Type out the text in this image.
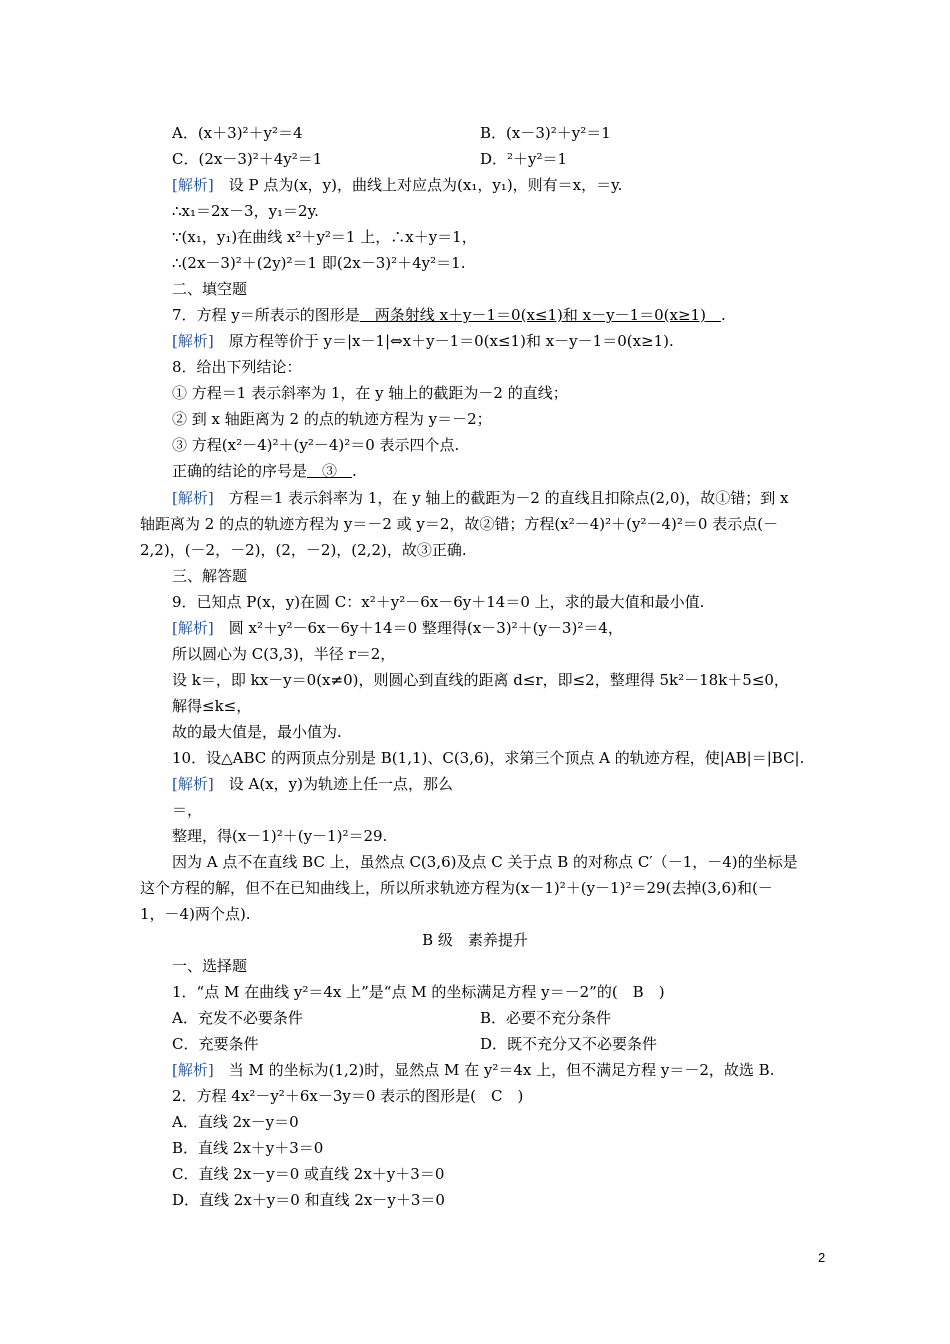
A．(x＋3)²＋y²＝4	B．(x－3)²＋y²＝1
C．(2x－3)²＋4y²＝1	D．²＋y²＝1
[解析]　 设 P 点为(x，y)，曲线上对应点为(x₁，y₁)，则有＝x，＝y.
∴x₁＝2x－3，y₁＝2y.
∵(x₁，y₁)在曲线 x²＋y²＝1 上，∴x＋y＝1，
∴(2x－3)²＋(2y)²＝1 即(2x－3)²＋4y²＝1.
二、填空题
7．方程 y＝所表示的图形是　两条射线 x＋y－1＝0(x≤1)和 x－y－1＝0(x≥1)　.
[解析]　 原方程等价于 y＝|x－1|⇔x＋y－1＝0(x≤1)和 x－y－1＝0(x≥1).
8．给出下列结论：
① 方程＝1 表示斜率为 1，在 y 轴上的截距为－2 的直线；
② 到 x 轴距离为 2 的点的轨迹方程为 y＝－2；
③ 方程(x²－4)²＋(y²－4)²＝0 表示四个点.
正确的结论的序号是　③　.
[解析]　 方程＝1 表示斜率为 1，在 y 轴上的截距为－2 的直线且扣除点(2,0)，故①错；到 x
轴距离为 2 的点的轨迹方程为 y＝－2 或 y＝2，故②错；方程(x²－4)²＋(y²－4)²＝0 表示点(－
2,2)，(－2，－2)，(2，－2)，(2,2)，故③正确.
三、解答题
9．已知点 P(x，y)在圆 C：x²＋y²－6x－6y＋14＝0 上，求的最大值和最小值.
[解析]　 圆 x²＋y²－6x－6y＋14＝0 整理得(x－3)²＋(y－3)²＝4，
所以圆心为 C(3,3)，半径 r＝2，
设 k＝，即 kx－y＝0(x≠0)，则圆心到直线的距离 d≤r，即≤2，整理得 5k²－18k＋5≤0，
解得≤k≤，
故的最大值是，最小值为.
10．设△ABC 的两顶点分别是 B(1,1)、C(3,6)，求第三个顶点 A 的轨迹方程，使|AB|＝|BC|.
[解析]　 设 A(x，y)为轨迹上任一点，那么
＝，
整理，得(x－1)²＋(y－1)²＝29.
因为 A 点不在直线 BC 上，虽然点 C(3,6)及点 C 关于点 B 的对称点 C′（－1，－4)的坐标是
这个方程的解，但不在已知曲线上，所以所求轨迹方程为(x－1)²＋(y－1)²＝29(去掉(3,6)和(－
1，－4)两个点).
B 级　素养提升
一、选择题
1．“点 M 在曲线 y²＝4x 上”是“点 M 的坐标满足方程 y＝－2”的(　B　)
A．充发不必要条件	B．必要不充分条件
C．充要条件	D．既不充分又不必要条件
[解析]　 当 M 的坐标为(1,2)时，显然点 M 在 y²＝4x 上，但不满足方程 y＝－2，故选 B.
2．方程 4x²－y²＋6x－3y＝0 表示的图形是(　C　)
A．直线 2x－y＝0
B．直线 2x＋y＋3＝0
C．直线 2x－y＝0 或直线 2x＋y＋3＝0
D．直线 2x＋y＝0 和直线 2x－y＋3＝0
2
